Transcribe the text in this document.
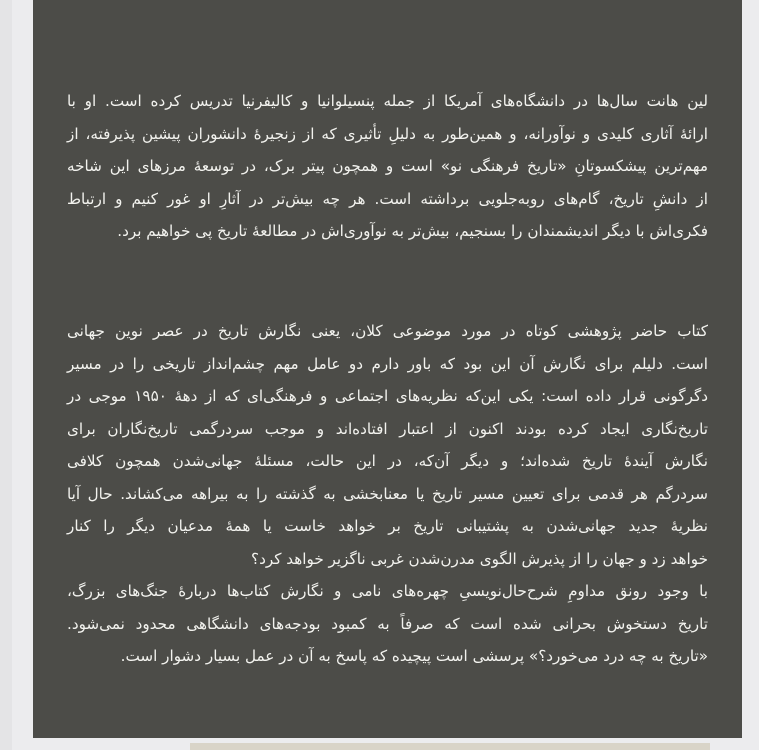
لین هانت سال‌ها در دانشگاه‌های آمریکا از جمله پنسیلوانیا و کالیفرنیا تدریس کرده است. او با
ارائهٔ آثاری کلیدی و نوآورانه، و همین‌طور به دلیلِ تأثیری که از زنجیرهٔ دانشوران پیشین پذیرفته، از
مهم‌ترین پیشکسوتانِ «تاریخ فرهنگی نو» است و همچون پیتر برک، در توسعهٔ مرزهای این شاخه
از دانشِ تاریخ، گام‌های روبه‌جلویی برداشته است. هر چه بیش‌تر در آثارِ او غور کنیم و ارتباط
فکری‌اش با دیگر اندیشمندان را بسنجیم، بیش‌تر به نوآوری‌اش در مطالعهٔ تاریخ پی خواهیم برد.
کتاب حاضر پژوهشی کوتاه در مورد موضوعی کلان، یعنی نگارش تاریخ در عصر نوین جهانی
است. دلیلم برای نگارش آن این بود که باور دارم دو عامل مهم چشم‌انداز تاریخی را در مسیر
دگرگونی قرار داده است: یکی این‌که نظریه‌های اجتماعی و فرهنگی‌ای که از دههٔ ۱۹۵۰ موجی در
تاریخ‌نگاری ایجاد کرده بودند اکنون از اعتبار افتاده‌اند و موجب سردرگمی تاریخ‌نگاران برای
نگارش آیندهٔ تاریخ شده‌اند؛ و دیگر آن‌که، در این حالت، مسئلهٔ جهانی‌شدن همچون کلافی
سردرگم هر قدمی برای تعیین مسیر تاریخ یا معنابخشی به گذشته را به بیراهه می‌کشاند. حال آیا
نظریهٔ جدید جهانی‌شدن به پشتیبانی تاریخ بر خواهد خاست یا همهٔ مدعیان دیگر را کنار
خواهد زد و جهان را از پذیرش الگوی مدرن‌شدن غربی ناگزیر خواهد کرد؟
با وجود رونق مداومِ شرح‌حال‌نویسیِ چهره‌های نامی و نگارش کتاب‌ها دربارهٔ جنگ‌های بزرگ،
تاریخ دستخوش بحرانی شده است که صرفاً به کمبود بودجه‌های دانشگاهی محدود نمی‌شود.
«تاریخ به چه درد می‌خورد؟» پرسشی است پیچیده که پاسخ به آن در عمل بسیار دشوار است.
